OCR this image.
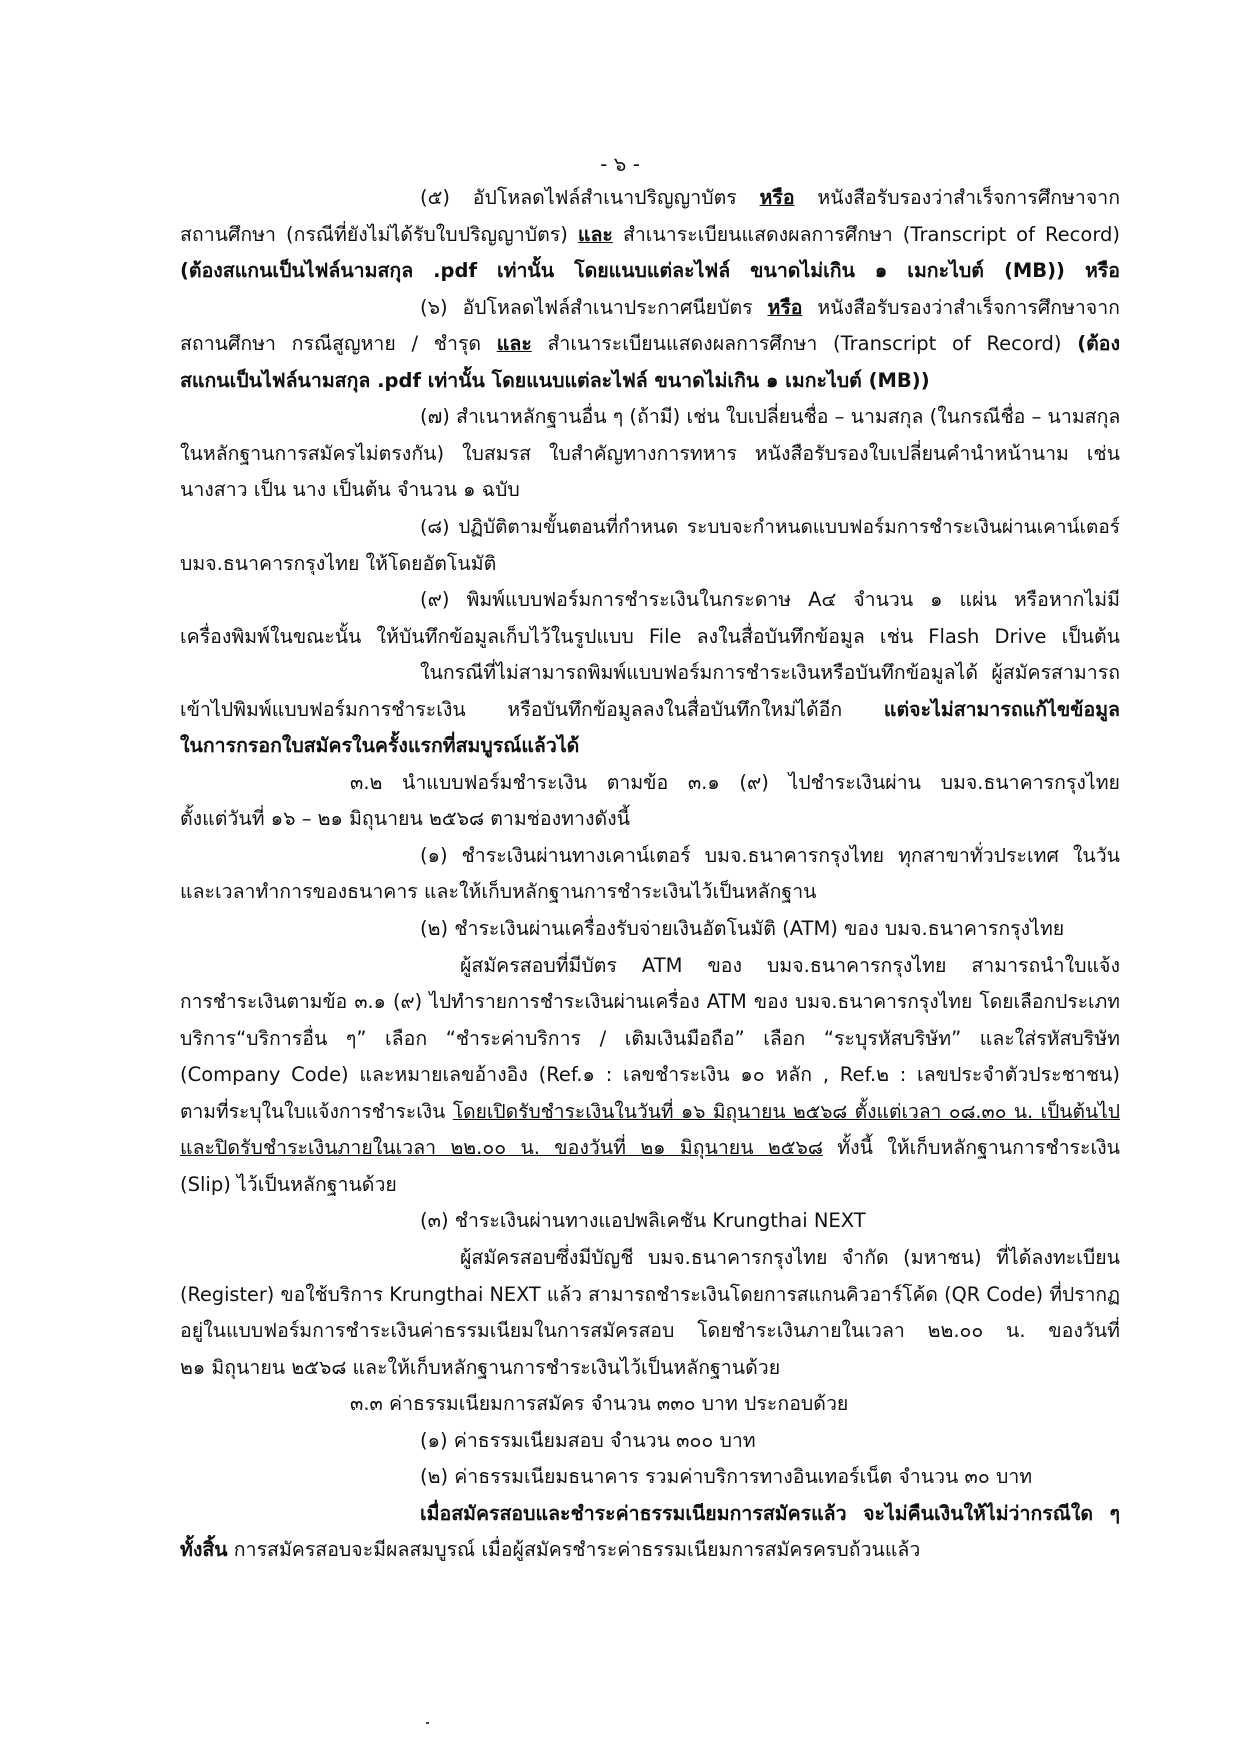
- ๖ -
(๕) อัปโหลดไฟล์สำเนาปริญญาบัตร หรือ หนังสือรับรองว่าสำเร็จการศึกษาจาก
สถานศึกษา (กรณีที่ยังไม่ได้รับใบปริญญาบัตร) และ สำเนาระเบียนแสดงผลการศึกษา (Transcript of Record)
(ต้องสแกนเป็นไฟล์นามสกุล .pdf เท่านั้น โดยแนบแต่ละไฟล์ ขนาดไม่เกิน ๑ เมกะไบต์ (MB)) หรือ
(๖) อัปโหลดไฟล์สำเนาประกาศนียบัตร หรือ หนังสือรับรองว่าสำเร็จการศึกษาจาก
สถานศึกษา กรณีสูญหาย / ชำรุด และ สำเนาระเบียนแสดงผลการศึกษา (Transcript of Record) (ต้อง
สแกนเป็นไฟล์นามสกุล .pdf เท่านั้น โดยแนบแต่ละไฟล์ ขนาดไม่เกิน ๑ เมกะไบต์ (MB))
(๗) สำเนาหลักฐานอื่น ๆ (ถ้ามี) เช่น ใบเปลี่ยนชื่อ – นามสกุล (ในกรณีชื่อ – นามสกุล
ในหลักฐานการสมัครไม่ตรงกัน) ใบสมรส ใบสำคัญทางการทหาร หนังสือรับรองใบเปลี่ยนคำนำหน้านาม เช่น
นางสาว เป็น นาง เป็นต้น จำนวน ๑ ฉบับ
(๘) ปฏิบัติตามขั้นตอนที่กำหนด ระบบจะกำหนดแบบฟอร์มการชำระเงินผ่านเคาน์เตอร์
บมจ.ธนาคารกรุงไทย ให้โดยอัตโนมัติ
(๙) พิมพ์แบบฟอร์มการชำระเงินในกระดาษ A๔ จำนวน ๑ แผ่น หรือหากไม่มี
เครื่องพิมพ์ในขณะนั้น ให้บันทึกข้อมูลเก็บไว้ในรูปแบบ File ลงในสื่อบันทึกข้อมูล เช่น Flash Drive เป็นต้น
ในกรณีที่ไม่สามารถพิมพ์แบบฟอร์มการชำระเงินหรือบันทึกข้อมูลได้ ผู้สมัครสามารถ
เข้าไปพิมพ์แบบฟอร์มการชำระเงิน หรือบันทึกข้อมูลลงในสื่อบันทึกใหม่ได้อีก แต่จะไม่สามารถแก้ไขข้อมูล
ในการกรอกใบสมัครในครั้งแรกที่สมบูรณ์แล้วได้
๓.๒ นำแบบฟอร์มชำระเงิน ตามข้อ ๓.๑ (๙) ไปชำระเงินผ่าน บมจ.ธนาคารกรุงไทย
ตั้งแต่วันที่ ๑๖ – ๒๑ มิถุนายน ๒๕๖๘ ตามช่องทางดังนี้
(๑) ชำระเงินผ่านทางเคาน์เตอร์ บมจ.ธนาคารกรุงไทย ทุกสาขาทั่วประเทศ ในวัน
และเวลาทำการของธนาคาร และให้เก็บหลักฐานการชำระเงินไว้เป็นหลักฐาน
(๒) ชำระเงินผ่านเครื่องรับจ่ายเงินอัตโนมัติ (ATM) ของ บมจ.ธนาคารกรุงไทย
ผู้สมัครสอบที่มีบัตร ATM ของ บมจ.ธนาคารกรุงไทย สามารถนำใบแจ้ง
การชำระเงินตามข้อ ๓.๑ (๙) ไปทำรายการชำระเงินผ่านเครื่อง ATM ของ บมจ.ธนาคารกรุงไทย โดยเลือกประเภท
บริการ“บริการอื่น ๆ” เลือก “ชำระค่าบริการ / เติมเงินมือถือ” เลือก “ระบุรหัสบริษัท” และใส่รหัสบริษัท
(Company Code) และหมายเลขอ้างอิง (Ref.๑ : เลขชำระเงิน ๑๐ หลัก , Ref.๒ : เลขประจำตัวประชาชน)
ตามที่ระบุในใบแจ้งการชำระเงิน โดยเปิดรับชำระเงินในวันที่ ๑๖ มิถุนายน ๒๕๖๘ ตั้งแต่เวลา ๐๘.๓๐ น. เป็นต้นไป
และปิดรับชำระเงินภายในเวลา ๒๒.๐๐ น. ของวันที่ ๒๑ มิถุนายน ๒๕๖๘ ทั้งนี้ ให้เก็บหลักฐานการชำระเงิน
(Slip) ไว้เป็นหลักฐานด้วย
(๓) ชำระเงินผ่านทางแอปพลิเคชัน Krungthai NEXT
ผู้สมัครสอบซึ่งมีบัญชี บมจ.ธนาคารกรุงไทย จำกัด (มหาชน) ที่ได้ลงทะเบียน
(Register) ขอใช้บริการ Krungthai NEXT แล้ว สามารถชำระเงินโดยการสแกนคิวอาร์โค้ด (QR Code) ที่ปรากฏ
อยู่ในแบบฟอร์มการชำระเงินค่าธรรมเนียมในการสมัครสอบ โดยชำระเงินภายในเวลา ๒๒.๐๐ น. ของวันที่
๒๑ มิถุนายน ๒๕๖๘ และให้เก็บหลักฐานการชำระเงินไว้เป็นหลักฐานด้วย
๓.๓ ค่าธรรมเนียมการสมัคร จำนวน ๓๓๐ บาท ประกอบด้วย
(๑) ค่าธรรมเนียมสอบ จำนวน ๓๐๐ บาท
(๒) ค่าธรรมเนียมธนาคาร รวมค่าบริการทางอินเทอร์เน็ต จำนวน ๓๐ บาท
เมื่อสมัครสอบและชำระค่าธรรมเนียมการสมัครแล้ว จะไม่คืนเงินให้ไม่ว่ากรณีใด ๆ
ทั้งสิ้น การสมัครสอบจะมีผลสมบูรณ์ เมื่อผู้สมัครชำระค่าธรรมเนียมการสมัครครบถ้วนแล้ว
